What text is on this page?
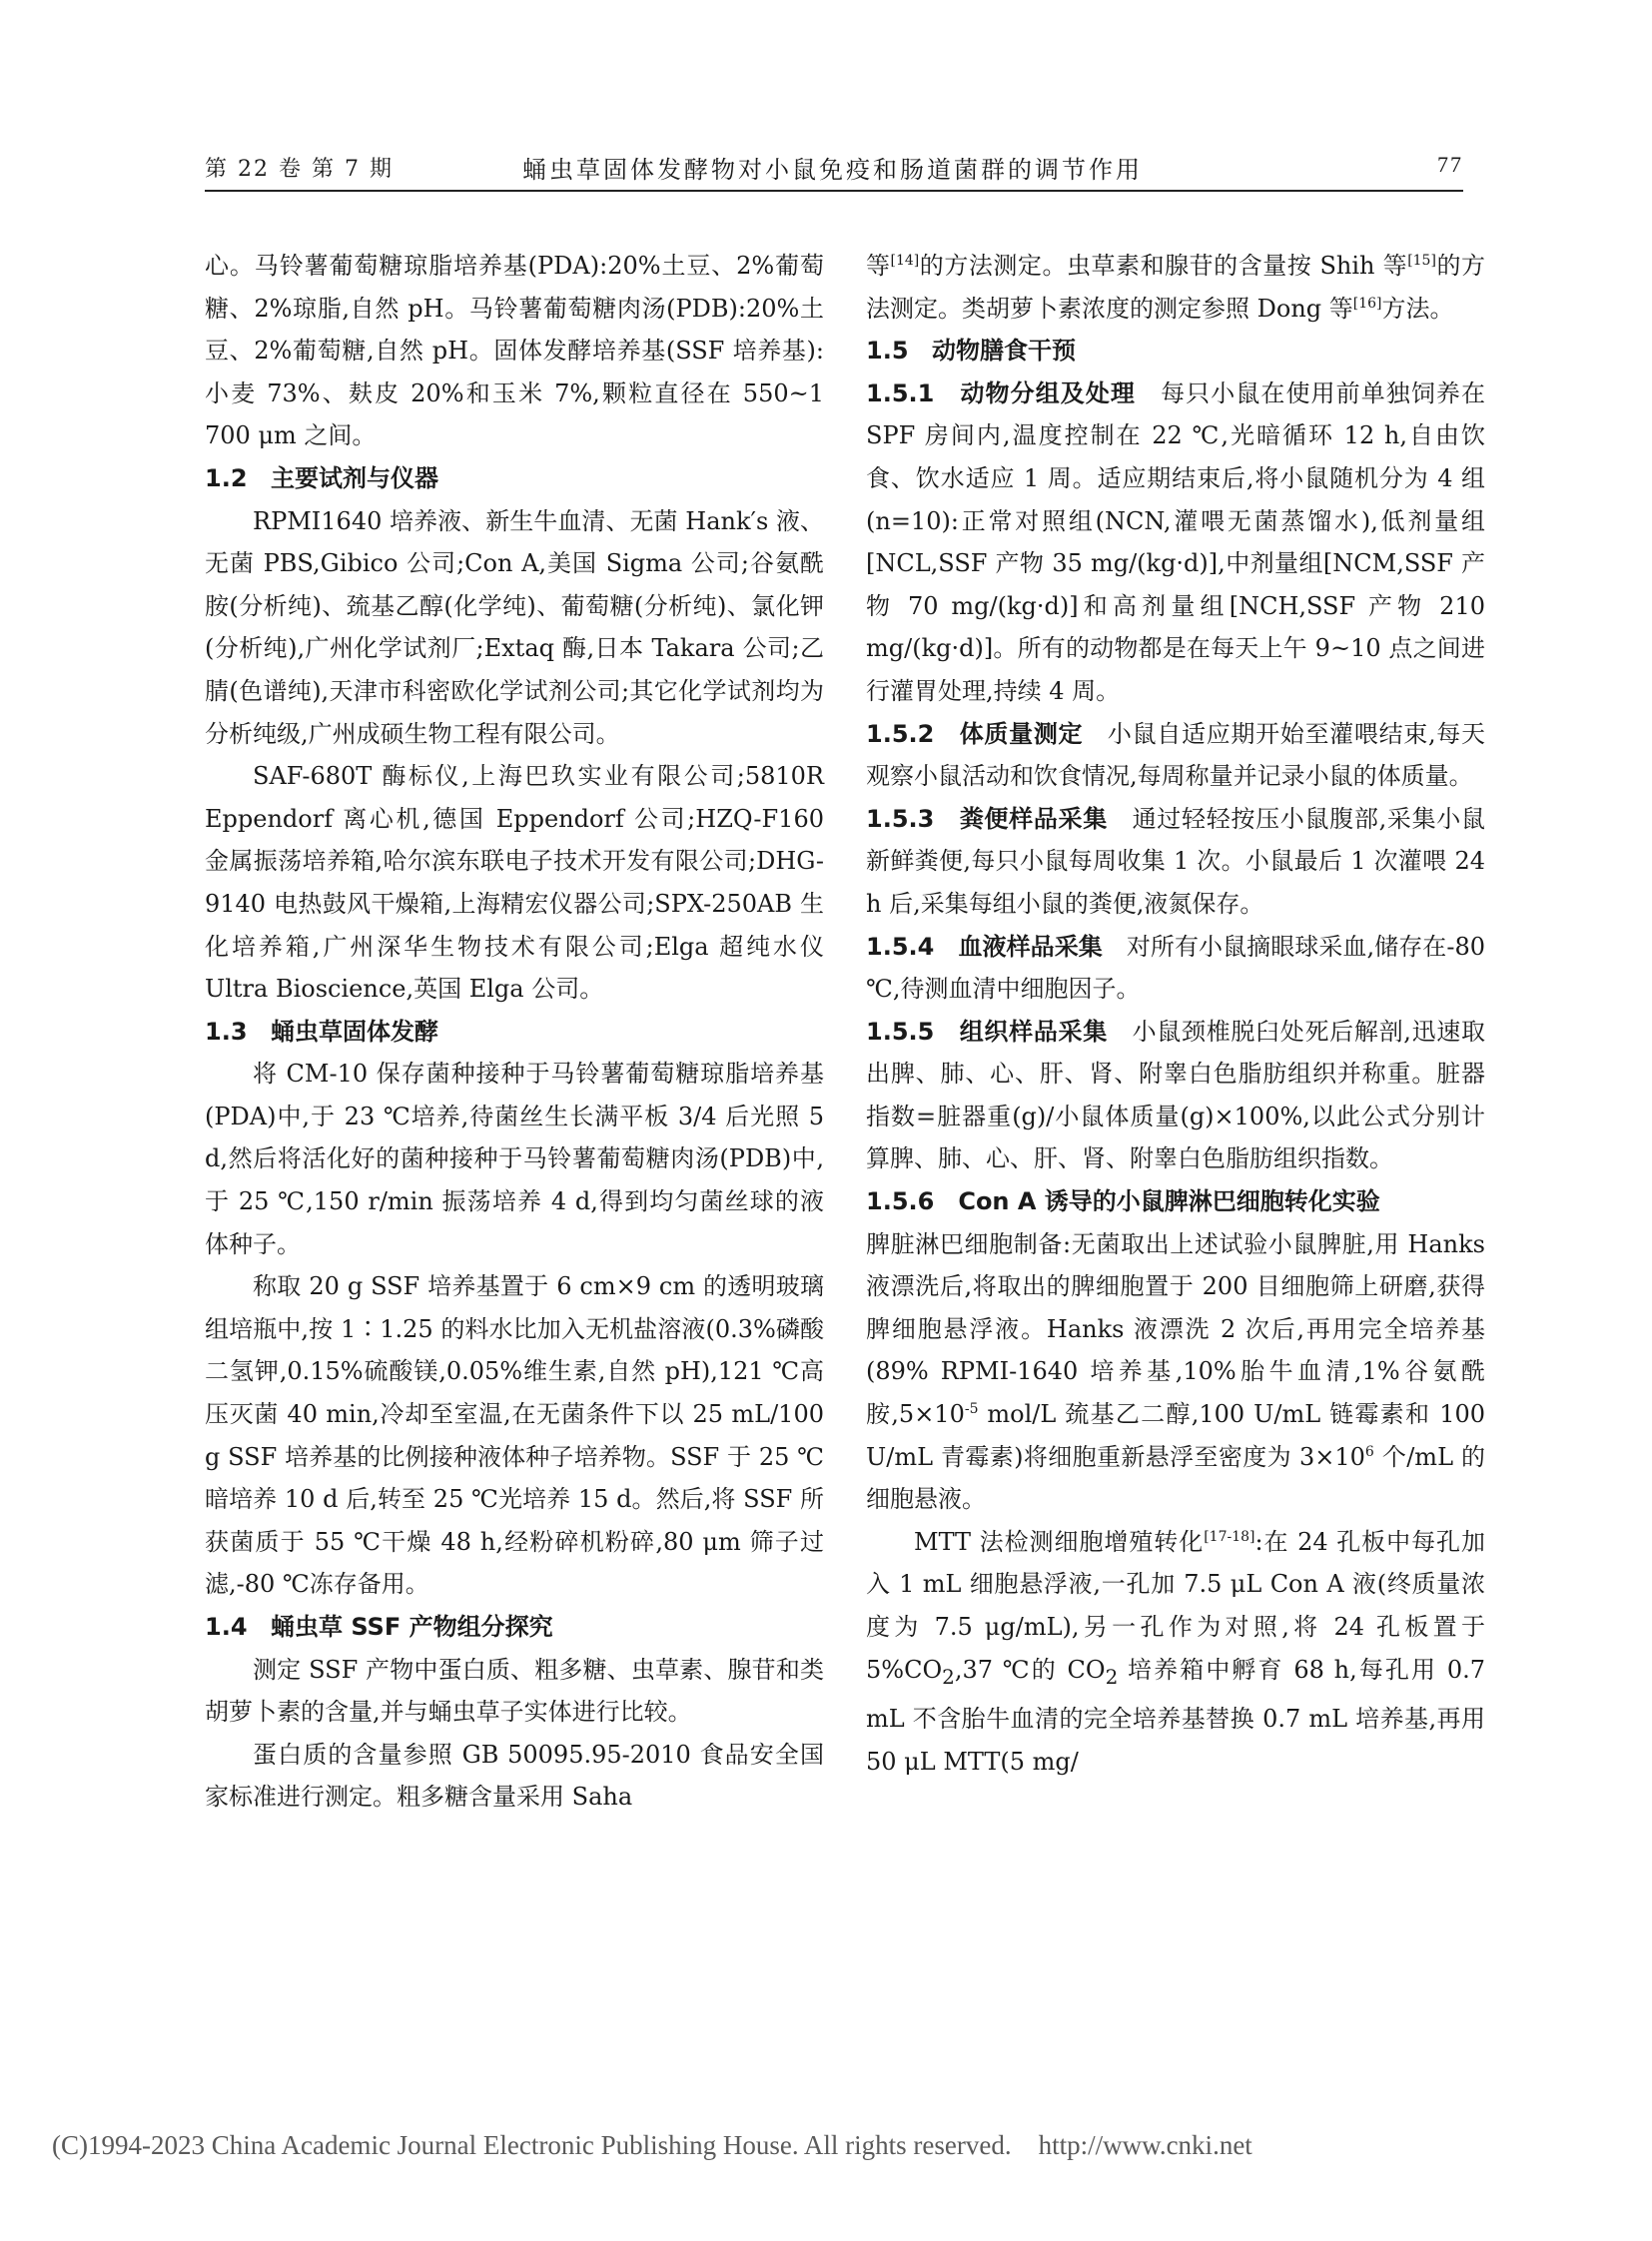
第 22 卷 第 7 期	蛹虫草固体发酵物对小鼠免疫和肠道菌群的调节作用	77

心。马铃薯葡萄糖琼脂培养基(PDA):20%土豆、2%葡萄糖、2%琼脂,自然 pH。马铃薯葡萄糖肉汤(PDB):20%土豆、2%葡萄糖,自然 pH。固体发酵培养基(SSF 培养基):小麦 73%、麸皮 20%和玉米 7%,颗粒直径在 550~1 700 μm 之间。

1.2 主要试剂与仪器

RPMI1640 培养液、新生牛血清、无菌 Hank′s 液、无菌 PBS,Gibico 公司;Con A,美国 Sigma 公司;谷氨酰胺(分析纯)、巯基乙醇(化学纯)、葡萄糖(分析纯)、氯化钾(分析纯),广州化学试剂厂;Extaq 酶,日本 Takara 公司;乙腈(色谱纯),天津市科密欧化学试剂公司;其它化学试剂均为分析纯级,广州成硕生物工程有限公司。

SAF-680T 酶标仪,上海巴玖实业有限公司;5810R Eppendorf 离心机,德国 Eppendorf 公司;HZQ-F160 金属振荡培养箱,哈尔滨东联电子技术开发有限公司;DHG-9140 电热鼓风干燥箱,上海精宏仪器公司;SPX-250AB 生化培养箱,广州深华生物技术有限公司;Elga 超纯水仪 Ultra Bioscience,英国 Elga 公司。

1.3 蛹虫草固体发酵

将 CM-10 保存菌种接种于马铃薯葡萄糖琼脂培养基(PDA)中,于 23 ℃培养,待菌丝生长满平板 3/4 后光照 5 d,然后将活化好的菌种接种于马铃薯葡萄糖肉汤(PDB)中,于 25 ℃,150 r/min 振荡培养 4 d,得到均匀菌丝球的液体种子。

称取 20 g SSF 培养基置于 6 cm×9 cm 的透明玻璃组培瓶中,按 1∶1.25 的料水比加入无机盐溶液(0.3%磷酸二氢钾,0.15%硫酸镁,0.05%维生素,自然 pH),121 ℃高压灭菌 40 min,冷却至室温,在无菌条件下以 25 mL/100 g SSF 培养基的比例接种液体种子培养物。SSF 于 25 ℃暗培养 10 d 后,转至 25 ℃光培养 15 d。然后,将 SSF 所获菌质于 55 ℃干燥 48 h,经粉碎机粉碎,80 μm 筛子过滤,-80 ℃冻存备用。

1.4 蛹虫草 SSF 产物组分探究

测定 SSF 产物中蛋白质、粗多糖、虫草素、腺苷和类胡萝卜素的含量,并与蛹虫草子实体进行比较。

蛋白质的含量参照 GB 50095.95-2010 食品安全国家标准进行测定。粗多糖含量采用 Saha

等[14]的方法测定。虫草素和腺苷的含量按 Shih 等[15]的方法测定。类胡萝卜素浓度的测定参照 Dong 等[16]方法。

1.5 动物膳食干预

1.5.1　动物分组及处理　每只小鼠在使用前单独饲养在 SPF 房间内,温度控制在 22 ℃,光暗循环 12 h,自由饮食、饮水适应 1 周。适应期结束后,将小鼠随机分为 4 组(n=10):正常对照组(NCN,灌喂无菌蒸馏水),低剂量组[NCL,SSF 产物 35 mg/(kg·d)],中剂量组[NCM,SSF 产物 70 mg/(kg·d)]和高剂量组[NCH,SSF 产物 210 mg/(kg·d)]。所有的动物都是在每天上午 9~10 点之间进行灌胃处理,持续 4 周。

1.5.2　体质量测定　小鼠自适应期开始至灌喂结束,每天观察小鼠活动和饮食情况,每周称量并记录小鼠的体质量。

1.5.3　粪便样品采集　通过轻轻按压小鼠腹部,采集小鼠新鲜粪便,每只小鼠每周收集 1 次。小鼠最后 1 次灌喂 24 h 后,采集每组小鼠的粪便,液氮保存。

1.5.4　血液样品采集　对所有小鼠摘眼球采血,储存在-80 ℃,待测血清中细胞因子。

1.5.5　组织样品采集　小鼠颈椎脱臼处死后解剖,迅速取出脾、肺、心、肝、肾、附睾白色脂肪组织并称重。脏器指数=脏器重(g)/小鼠体质量(g)×100%,以此公式分别计算脾、肺、心、肝、肾、附睾白色脂肪组织指数。

1.5.6　Con A 诱导的小鼠脾淋巴细胞转化实验

脾脏淋巴细胞制备:无菌取出上述试验小鼠脾脏,用 Hanks 液漂洗后,将取出的脾细胞置于 200 目细胞筛上研磨,获得脾细胞悬浮液。Hanks 液漂洗 2 次后,再用完全培养基(89% RPMI-1640 培养基,10%胎牛血清,1%谷氨酰胺$,5\times 10^{-5}$ mol/L 巯基乙二醇,100 U/mL 链霉素和 100 U/mL 青霉素)将细胞重新悬浮至密度为 $3\times 10^6$ 个/mL 的细胞悬液。

MTT 法检测细胞增殖转化[17-18]:在 24 孔板中每孔加入 1 mL 细胞悬浮液,一孔加 7.5 μL Con A 液(终质量浓度为 7.5 μg/mL),另一孔作为对照,将 24 孔板置于 $5\%CO_2,37$ ℃的 $CO_2$ 培养箱中孵育 68 h,每孔用 0.7 mL 不含胎牛血清的完全培养基替换 0.7 mL 培养基,再用 50 μL MTT(5 mg/

(C)1994-2023 China Academic Journal Electronic Publishing House. All rights reserved. http://www.cnki.net
